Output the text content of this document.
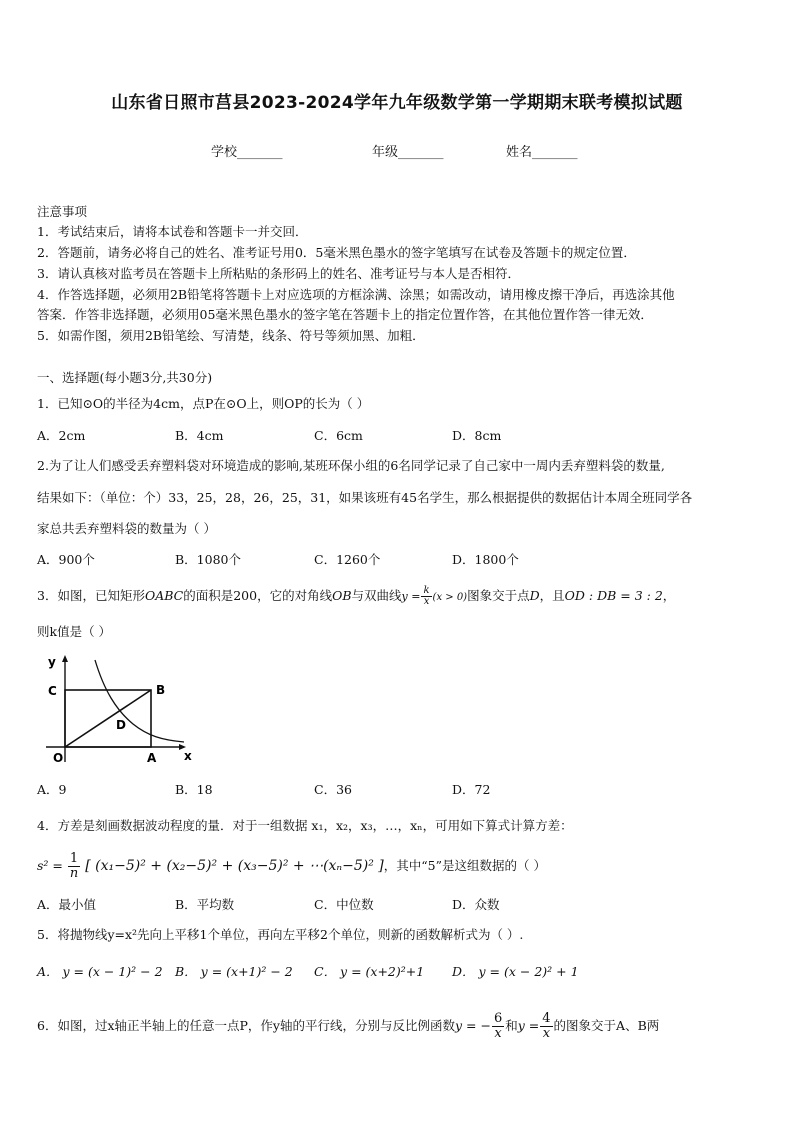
山东省日照市莒县2023-2024学年九年级数学第一学期期末联考模拟试题
学校_______	年级_______	姓名_______
注意事项
1．考试结束后，请将本试卷和答题卡一并交回．
2．答题前，请务必将自己的姓名、准考证号用0．5毫米黑色墨水的签字笔填写在试卷及答题卡的规定位置．
3．请认真核对监考员在答题卡上所粘贴的条形码上的姓名、准考证号与本人是否相符．
4．作答选择题，必须用2B铅笔将答题卡上对应选项的方框涂满、涂黑；如需改动，请用橡皮擦干净后，再选涂其他
答案．作答非选择题，必须用05毫米黑色墨水的签字笔在答题卡上的指定位置作答，在其他位置作答一律无效．
5．如需作图，须用2B铅笔绘、写清楚，线条、符号等须加黑、加粗．
一、选择题(每小题3分,共30分)
1．已知⊙O的半径为4cm，点P在⊙O上，则OP的长为（ ）
A．2cm	B．4cm	C．6cm	D．8cm
2.为了让人们感受丢弃塑料袋对环境造成的影响,某班环保小组的6名同学记录了自己家中一周内丢弃塑料袋的数量,
结果如下：（单位：个）33，25，28，26，25，31，如果该班有45名学生，那么根据提供的数据估计本周全班同学各
家总共丢弃塑料袋的数量为（ ）
A．900个	B．1080个	C．1260个	D．1800个
3．如图，已知矩形OABC的面积是200，它的对角线OB与双曲线$y = \frac{k}{x} (x > 0)$图象交于点D，且OD : DB = 3 : 2，
则k值是（ ）
y
C	B
D
O	A x
A．9	B．18	C．36	D．72
4．方差是刻画数据波动程度的量．对于一组数据 x₁，x₂，x₃，…，xₙ，可用如下算式计算方差：
$s^2 = \frac{1}{n}$ [ (x₁−5)² + (x₂−5)² + (x₃−5)² + ⋯(xₙ−5)² ]，其中“5”是这组数据的（ ）
A．最小值	B．平均数	C．中位数	D．众数
5．将抛物线y=x²先向上平移1个单位，再向左平移2个单位，则新的函数解析式为（ ）.
A． y = (x − 1)² − 2 B． y = (x+1)² − 2 C． y = (x+2)²+1 D． y = (x − 2)² + 1
6．如图，过x轴正半轴上的任意一点P，作y轴的平行线，分别与反比例函数y = − $\frac{6}{x}$ 和$y = \frac{4}{x}$ 的图象交于A、B两
